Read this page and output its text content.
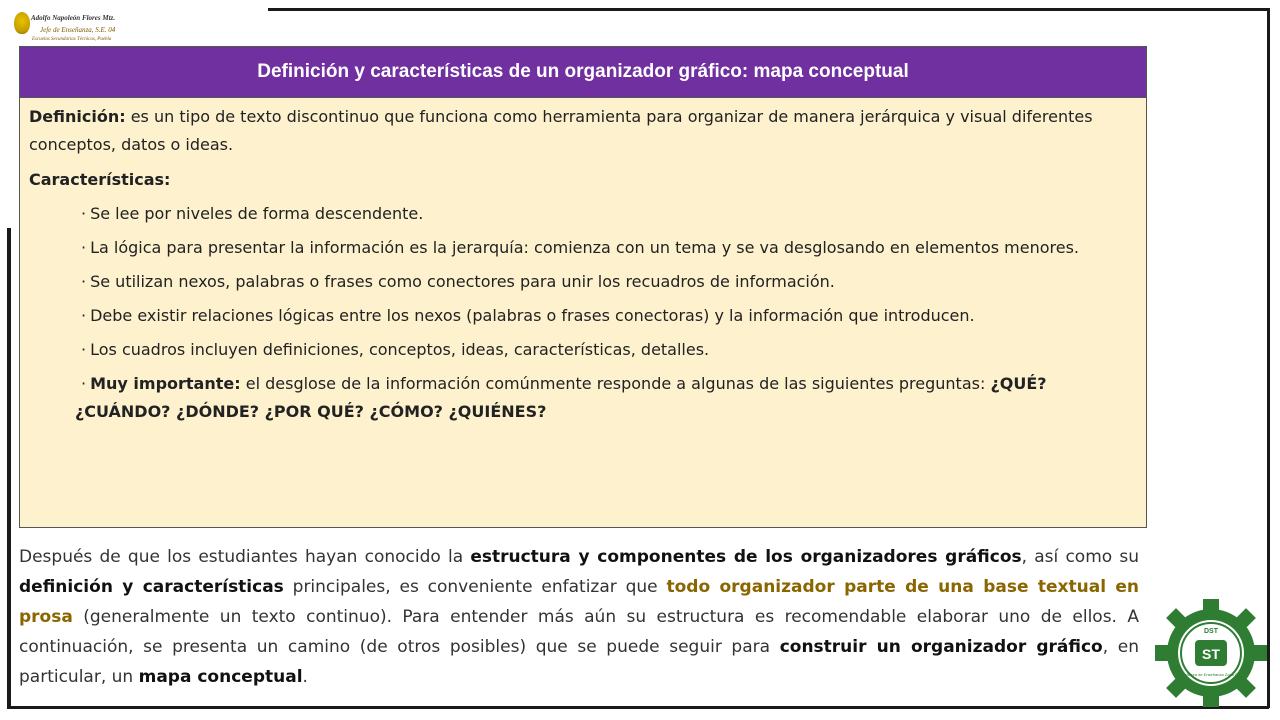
Adolfo Napoleón Flores Mtz.
Jefe de Enseñanza, S.E. 04
Escuelas Secundarias Técnicas, Puebla
Definición y características de un organizador gráfico: mapa conceptual

Definición: es un tipo de texto discontinuo que funciona como herramienta para organizar de manera jerárquica y visual diferentes conceptos, datos o ideas.

Características:

· Se lee por niveles de forma descendente.
· La lógica para presentar la información es la jerarquía: comienza con un tema y se va desglosando en elementos menores.
· Se utilizan nexos, palabras o frases como conectores para unir los recuadros de información.
· Debe existir relaciones lógicas entre los nexos (palabras o frases conectoras) y la información que introducen.
· Los cuadros incluyen definiciones, conceptos, ideas, características, detalles.
· Muy importante: el desglose de la información comúnmente responde a algunas de las siguientes preguntas: ¿QUÉ? ¿CUÁNDO? ¿DÓNDE? ¿POR QUÉ? ¿CÓMO? ¿QUIÉNES?
Después de que los estudiantes hayan conocido la estructura y componentes de los organizadores gráficos, así como su definición y características principales, es conveniente enfatizar que todo organizador parte de una base textual en prosa (generalmente un texto continuo). Para entender más aún su estructura es recomendable elaborar uno de ellos. A continuación, se presenta un camino (de otros posibles) que se puede seguir para construir un organizador gráfico, en particular, un mapa conceptual.
ST
DST
Jefatura de Enseñanza Zona 04
